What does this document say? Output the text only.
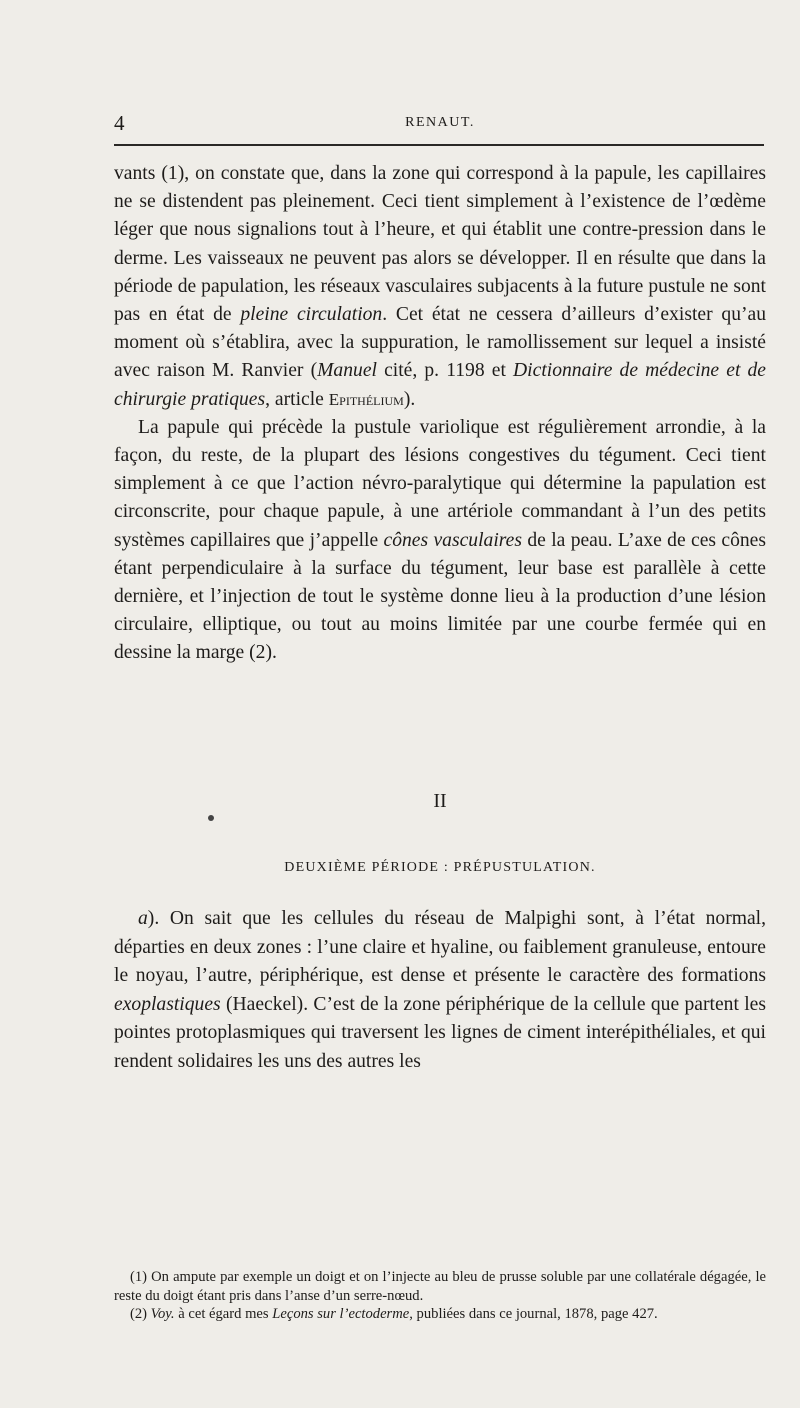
4	RENAUT.

vants (1), on constate que, dans la zone qui correspond à la papule, les capillaires ne se distendent pas pleinement. Ceci tient simplement à l’existence de l’œdème léger que nous signalions tout à l’heure, et qui établit une contre-pression dans le derme. Les vaisseaux ne peuvent pas alors se développer. Il en résulte que dans la période de papulation, les réseaux vasculaires subjacents à la future pustule ne sont pas en état de pleine circulation. Cet état ne cessera d’ailleurs d’exister qu’au moment où s’établira, avec la suppuration, le ramollissement sur lequel a insisté avec raison M. Ranvier (Manuel cité, p. 1198 et Dictionnaire de médecine et de chirurgie pratiques, article Epithélium).

La papule qui précède la pustule variolique est régulièrement arrondie, à la façon, du reste, de la plupart des lésions congestives du tégument. Ceci tient simplement à ce que l’action névro-paralytique qui détermine la papulation est circonscrite, pour chaque papule, à une artériole commandant à l’un des petits systèmes capillaires que j’appelle cônes vasculaires de la peau. L’axe de ces cônes étant perpendiculaire à la surface du tégument, leur base est parallèle à cette dernière, et l’injection de tout le système donne lieu à la production d’une lésion circulaire, elliptique, ou tout au moins limitée par une courbe fermée qui en dessine la marge (2).

II
DEUXIÈME PÉRIODE : PRÉPUSTULATION.

a). On sait que les cellules du réseau de Malpighi sont, à l’état normal, départies en deux zones : l’une claire et hyaline, ou faiblement granuleuse, entoure le noyau, l’autre, périphérique, est dense et présente le caractère des formations exoplastiques (Haeckel). C’est de la zone périphérique de la cellule que partent les pointes protoplasmiques qui traversent les lignes de ciment interépithéliales, et qui rendent solidaires les uns des autres les

(1) On ampute par exemple un doigt et on l’injecte au bleu de prusse soluble par une collatérale dégagée, le reste du doigt étant pris dans l’anse d’un serre-nœud.

(2) Voy. à cet égard mes Leçons sur l’ectoderme, publiées dans ce journal, 1878, page 427.
